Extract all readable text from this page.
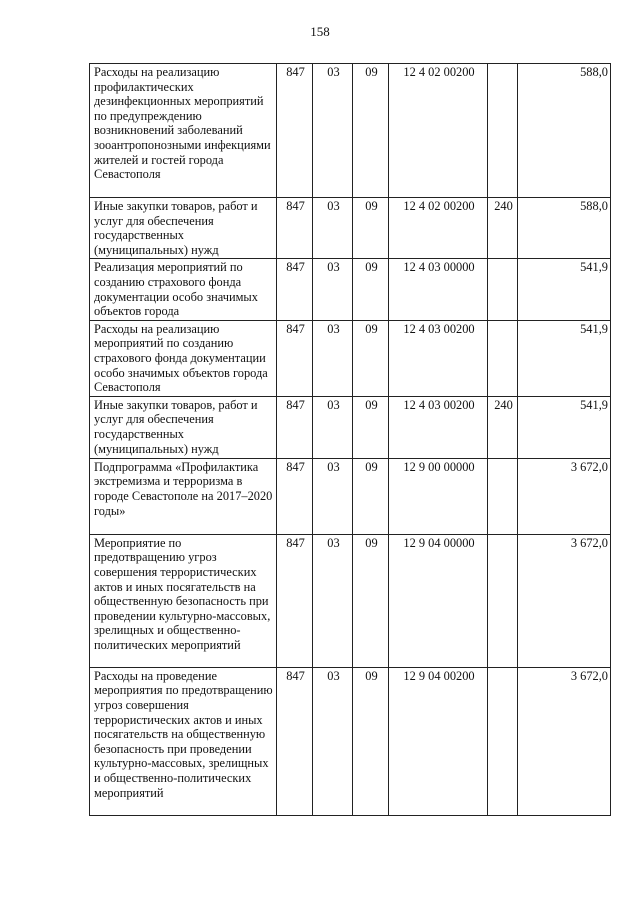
158
Расходы на реализацию профилактических дезинфекционных мероприятий по предупреждению возникновений заболеваний зооантропонозными инфекциями жителей и гостей города Севастополя	847	03	09	12 4 02 00200		588,0
Иные закупки товаров, работ и услуг для обеспечения государственных (муниципальных) нужд	847	03	09	12 4 02 00200	240	588,0
Реализация мероприятий по созданию страхового фонда документации особо значимых объектов города	847	03	09	12 4 03 00000		541,9
Расходы на реализацию мероприятий по созданию страхового фонда документации особо значимых объектов города Севастополя	847	03	09	12 4 03 00200		541,9
Иные закупки товаров, работ и услуг для обеспечения государственных (муниципальных) нужд	847	03	09	12 4 03 00200	240	541,9
Подпрограмма «Профилактика экстремизма и терроризма в городе Севастополе на 2017–2020 годы»	847	03	09	12 9 00 00000		3 672,0
Мероприятие по предотвращению угроз совершения террористических актов и иных посягательств на общественную безопасность при проведении культурно-массовых, зрелищных и общественно-политических мероприятий	847	03	09	12 9 04 00000		3 672,0
Расходы на проведение мероприятия по предотвращению угроз совершения террористических актов и иных посягательств на общественную безопасность при проведении культурно-массовых, зрелищных и общественно-политических мероприятий	847	03	09	12 9 04 00200		3 672,0
